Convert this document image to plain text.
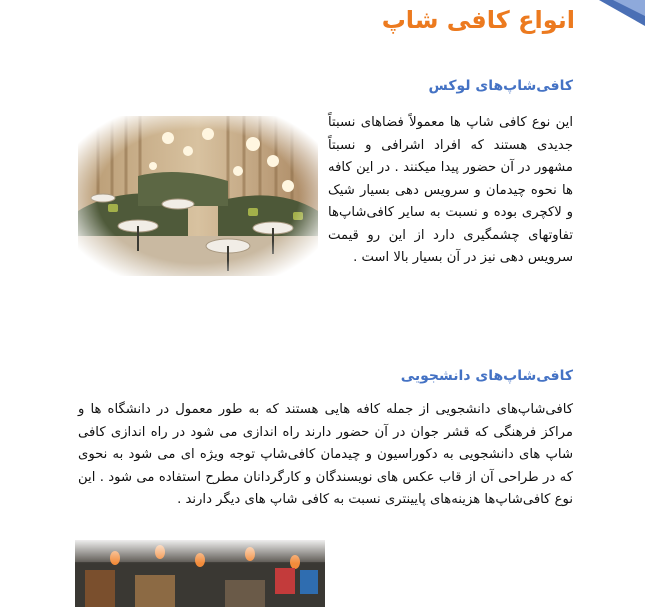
انواع کافی شاپ
کافی‌شاپ‌های لوکس

این نوع کافی شاپ ها معمولاً فضاهای نسبتاً جدیدی هستند که افراد اشرافی و نسبتاً مشهور در آن حضور پیدا میکنند . در این کافه ها نحوه چیدمان و سرویس دهی بسیار شیک و لاکچری بوده و نسبت به سایر کافی‌شاپ‌ها تفاوتهای چشمگیری دارد از این رو قیمت سرویس دهی نیز در آن بسیار بالا است .

کافی‌شاپ‌های دانشجویی

کافی‌شاپ‌های دانشجویی از جمله کافه هایی هستند که به طور معمول در دانشگاه ها و مراکز فرهنگی که قشر جوان در آن حضور دارند راه اندازی می شود در راه اندازی کافی شاپ های دانشجویی به دکوراسیون و چیدمان کافی‌شاپ توجه ویژه ای می شود به نحوی که در طراحی آن از قاب عکس های نویسندگان و کارگردانان مطرح استفاده می شود . این نوع کافی‌شاپ‌ها هزینه‌های پایینتری نسبت به کافی شاپ های دیگر دارند .
